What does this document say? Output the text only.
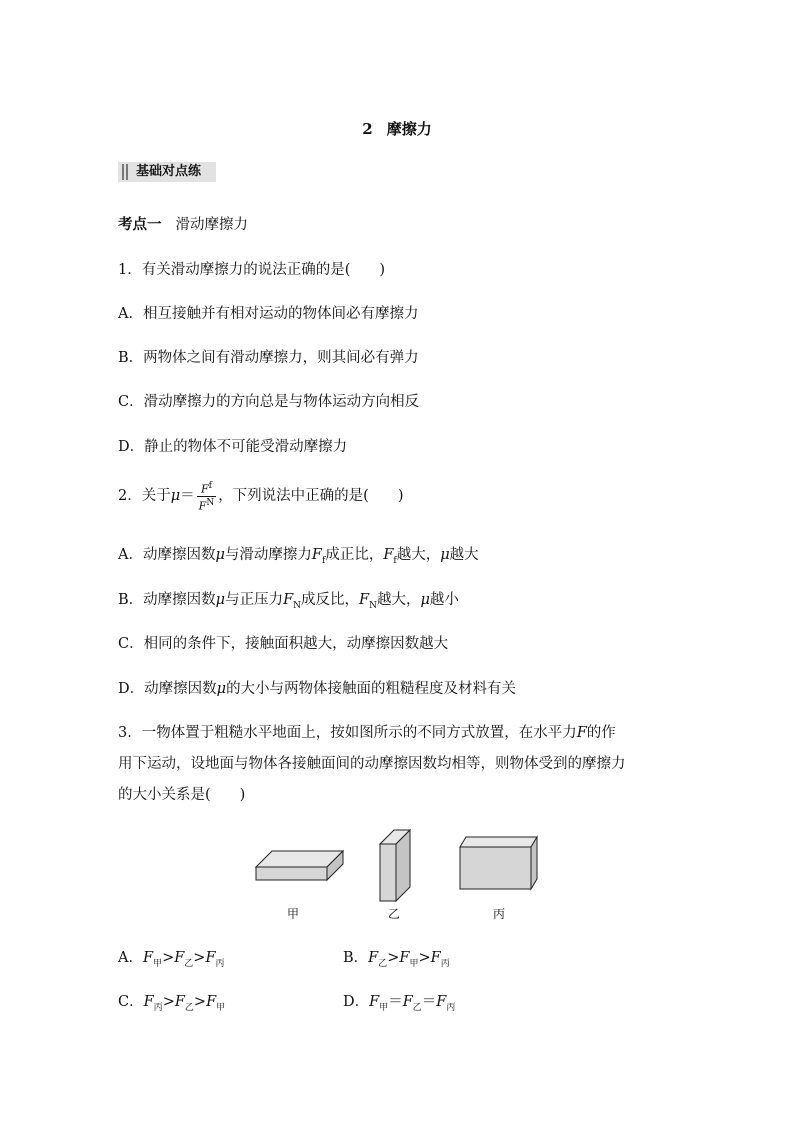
2 摩擦力
基础对点练
考点一 滑动摩擦力
1．有关滑动摩擦力的说法正确的是(　　)
A．相互接触并有相对运动的物体间必有摩擦力
B．两物体之间有滑动摩擦力，则其间必有弹力
C．滑动摩擦力的方向总是与物体运动方向相反
D．静止的物体不可能受滑动摩擦力
2．关于$\mu= \frac{F^f}{F^N}$ ，下列说法中正确的是(　　)
A．动摩擦因数μ与滑动摩擦力$F_f$成正比，$F_f$越大，μ越大
B．动摩擦因数μ与正压力$F_N$成反比，$F_N$越大，μ越小
C．相同的条件下，接触面积越大，动摩擦因数越大
D．动摩擦因数μ的大小与两物体接触面的粗糙程度及材料有关
3．一物体置于粗糙水平地面上，按如图所示的不同方式放置，在水平力F的作
用下运动，设地面与物体各接触面间的动摩擦因数均相等，则物体受到的摩擦力
的大小关系是(　　)
甲	乙	丙
A．$F_甲>F_乙>F_丙$	B．$F_乙>F_甲>F_丙$
C．$F_丙>F_乙>F_甲$	D．$F_甲=F_乙=F_丙$
